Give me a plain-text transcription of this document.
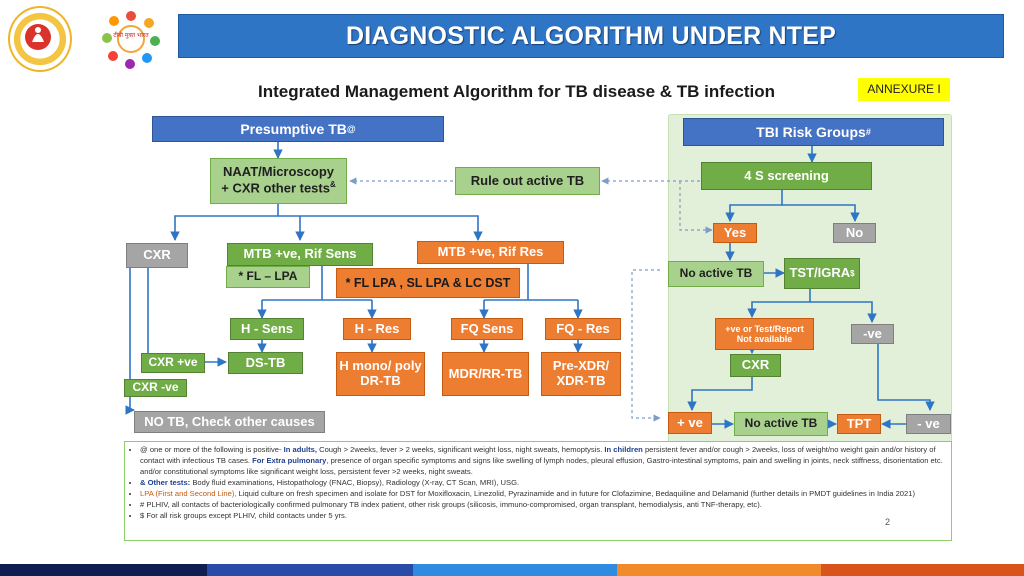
टीबी मुक्त भारत	DIAGNOSTIC ALGORITHM UNDER NTEP
Integrated Management Algorithm for TB disease & TB infection	ANNEXURE I
Presumptive TB @
NAAT/Microscopy
+ CXR other tests&	Rule out active TB
CXR	MTB +ve, Rif Sens	MTB +ve, Rif Res
* FL – LPA	* FL LPA , SL LPA & LC DST
H - Sens	H - Res	FQ Sens	FQ - Res
CXR +ve	DS-TB	H mono/ poly DR-TB	MDR/RR-TB	Pre-XDR/ XDR-TB
CXR -ve
NO TB, Check other causes
TBI Risk Groups #
4 S screening
Yes	No
No active TB	TST/IGRA $
+ve or Test/Report
Not available	-ve
CXR
+ ve	No active TB	TPT	- ve
• @ one or more of the following is positive- In adults, Cough > 2weeks, fever > 2 weeks, significant weight loss, night sweats, hemoptysis. In children persistent fever and/or cough > 2weeks, loss of weight/no weight gain and/or history of contact with infectious TB cases. For Extra pulmonary, presence of organ specific symptoms and signs like swelling of lymph nodes, pleural effusion, Gastro-intestinal symptoms, pain and swelling in joints, neck stiffness, disorientation etc. and/or constitutional symptoms like significant weight loss, persistent fever >2 weeks, night sweats.
• & Other tests: Body fluid examinations, Histopathology (FNAC, Biopsy), Radiology (X-ray, CT Scan, MRI), USG.
• LPA (First and Second Line), Liquid culture on fresh specimen and isolate for DST for Moxifloxacin, Linezolid, Pyrazinamide and in future for Clofazimine, Bedaquiline and Delamanid (further details in PMDT guidelines in India 2021)
• # PLHIV, all contacts of bacteriologically confirmed pulmonary TB index patient, other risk groups (silicosis, immuno-compromised, organ transplant, hemodialysis, anti TNF-therapy, etc).
• $ For all risk groups except PLHIV, child contacts under 5 yrs.
2
